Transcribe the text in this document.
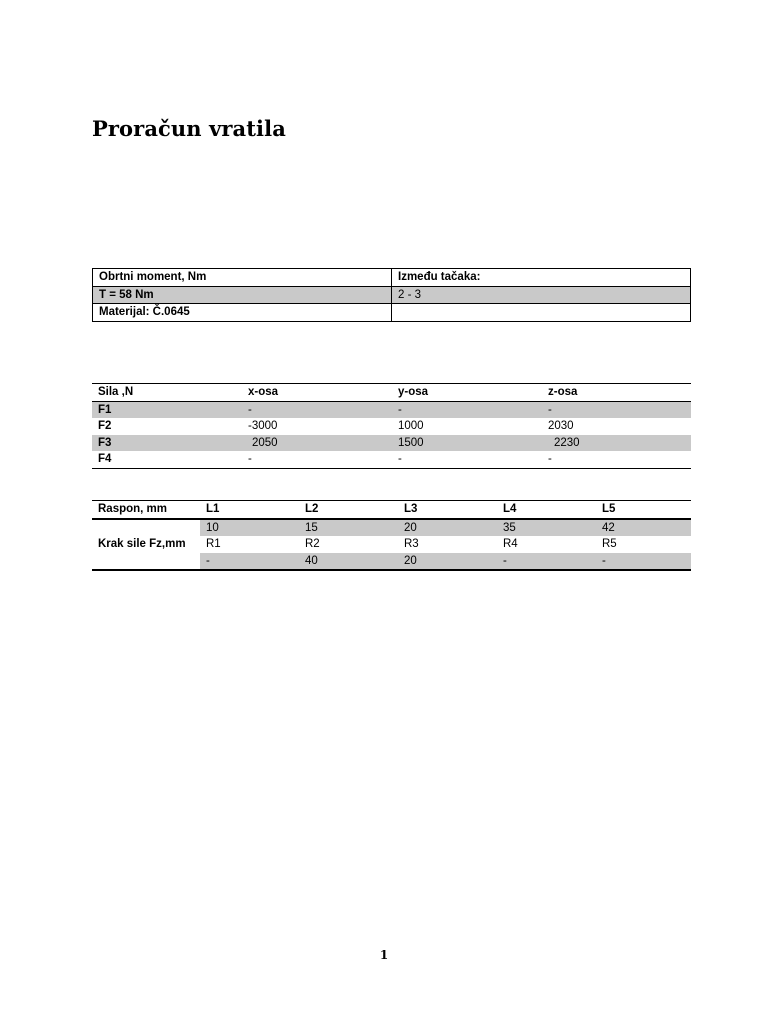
Proračun vratila
Obrtni moment, Nm	Između tačaka:
T = 58 Nm	2 - 3
Materijal: Č.0645	
Sila ,N	x-osa	y-osa	z-osa
F1	-	-	-
F2	-3000	1000	2030
F3	2050	1500	2230
F4	-	-	-
Raspon, mm	L1	L2	L3	L4	L5
	10	15	20	35	42
Krak sile Fz,mm	R1	R2	R3	R4	R5
	-	40	20	-	-
1
